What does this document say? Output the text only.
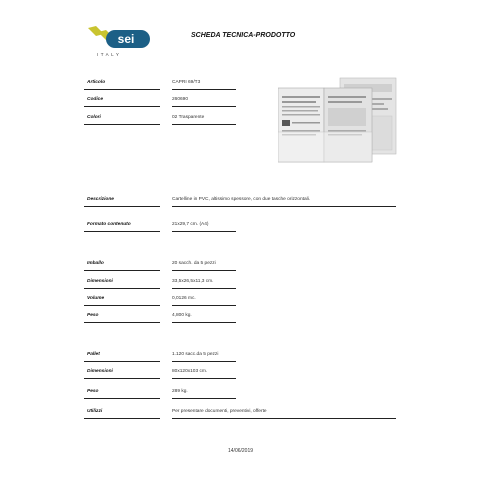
sei
ITALY
SCHEDA TECNICA-PRODOTTO
Articolo	CAPRI 69/T3
Codice	260690
Colori	02 Trasparente
Descrizione	Cartelline in PVC, altissimo spessore, con due tasche orizzontali.
Formato contenuto	21x29,7 cm. (A4)
Imballo	20 sacch. da 5 pezzi
Dimensioni	33,5x26,5x11,3 cm.
Volume	0,0126 mc.
Peso	4,800 kg.
Pallet	1.120 sacc.da 5 pezzi
Dimensioni	80x120x103 cm.
Peso	289 kg.
Utilizzi	Per presentare documenti, preventivi, offerte
14/06/2019
